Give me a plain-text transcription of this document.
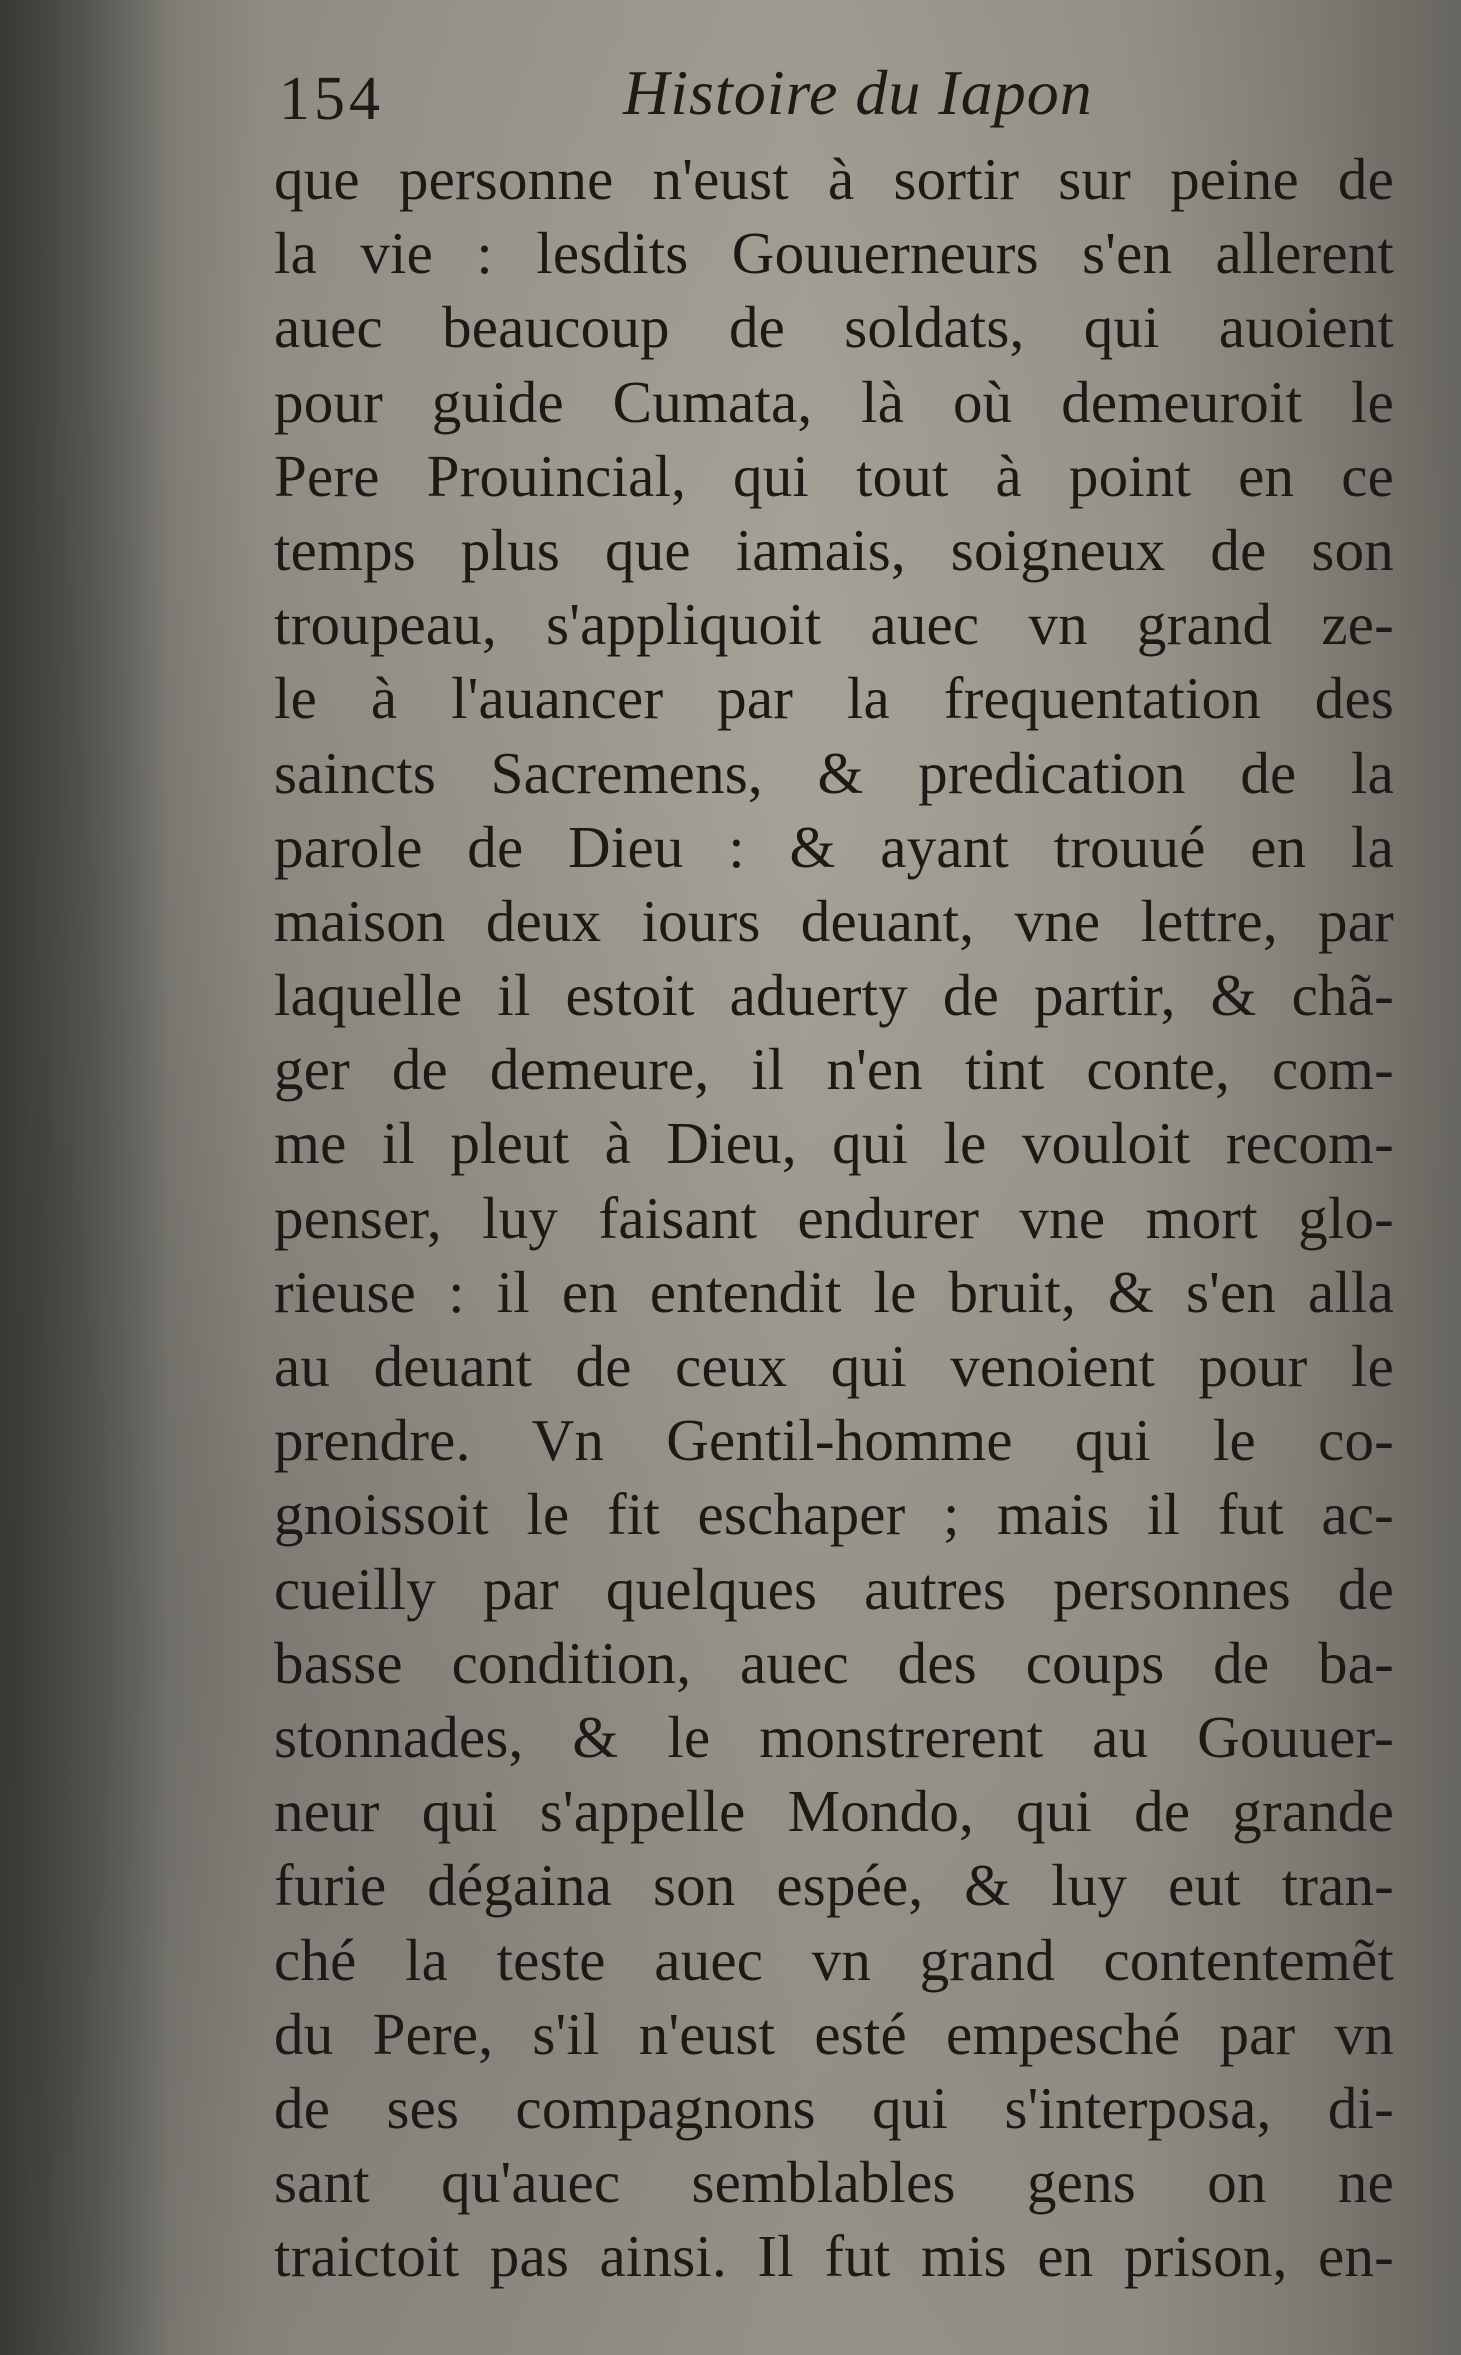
154	Histoire du Iapon
que personne n'eust à sortir sur peine de
la vie : lesdits Gouuerneurs s'en allerent
auec beaucoup de soldats, qui auoient
pour guide Cumata, là où demeuroit le
Pere Prouincial, qui tout à point en ce
temps plus que iamais, soigneux de son
troupeau, s'appliquoit auec vn grand ze-
le à l'auancer par la frequentation des
saincts Sacremens, & predication de la
parole de Dieu : & ayant trouué en la
maison deux iours deuant, vne lettre, par
laquelle il estoit aduerty de partir, & chã-
ger de demeure, il n'en tint conte, com-
me il pleut à Dieu, qui le vouloit recom-
penser, luy faisant endurer vne mort glo-
rieuse : il en entendit le bruit, & s'en alla
au deuant de ceux qui venoient pour le
prendre. Vn Gentil-homme qui le co-
gnoissoit le fit eschaper ; mais il fut ac-
cueilly par quelques autres personnes de
basse condition, auec des coups de ba-
stonnades, & le monstrerent au Gouuer-
neur qui s'appelle Mondo, qui de grande
furie dégaina son espée, & luy eut tran-
ché la teste auec vn grand contentemẽt
du Pere, s'il n'eust esté empesché par vn
de ses compagnons qui s'interposa, di-
sant qu'auec semblables gens on ne
traictoit pas ainsi. Il fut mis en prison, en-
